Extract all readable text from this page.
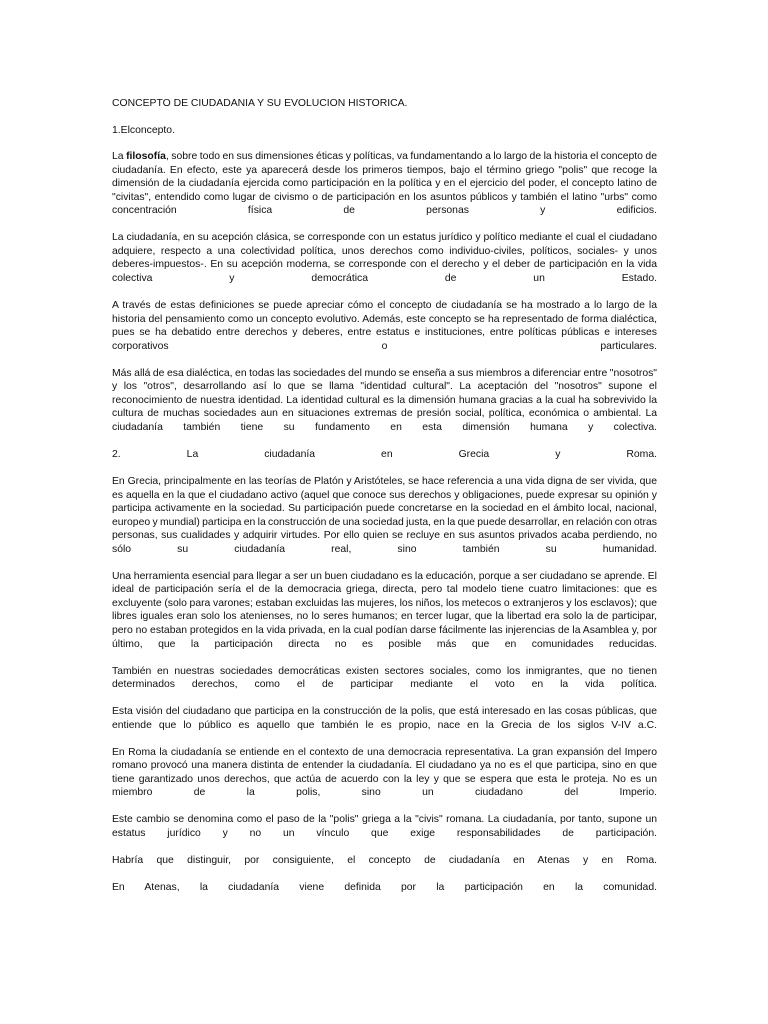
CONCEPTO DE CIUDADANIA Y SU EVOLUCION HISTORICA.
1.Elconcepto.

La filosofía, sobre todo en sus dimensiones éticas y políticas, va fundamentando a lo largo de la historia el concepto de ciudadanía. En efecto, este ya aparecerá desde los primeros tiempos, bajo el término griego "polis" que recoge la dimensión de la ciudadanía ejercida como participación en la política y en el ejercicio del poder, el concepto latino de "civitas", entendido como lugar de civismo o de participación en los asuntos públicos y también el latino "urbs" como concentración física de personas y edificios.

La ciudadanía, en su acepción clásica, se corresponde con un estatus jurídico y político mediante el cual el ciudadano adquiere, respecto a una colectividad política, unos derechos como individuo-civiles, políticos, sociales- y unos deberes-impuestos-. En su acepción moderna, se corresponde con el derecho y el deber de participación en la vida colectiva y democrática de un Estado.

A través de estas definiciones se puede apreciar cómo el concepto de ciudadanía se ha mostrado a lo largo de la historia del pensamiento como un concepto evolutivo. Además, este concepto se ha representado de forma dialéctica, pues se ha debatido entre derechos y deberes, entre estatus e instituciones, entre políticas públicas e intereses corporativos o particulares.

Más allá de esa dialéctica, en todas las sociedades del mundo se enseña a sus miembros a diferenciar entre "nosotros" y los "otros", desarrollando así lo que se llama "identidad cultural". La aceptación del "nosotros" supone el reconocimiento de nuestra identidad. La identidad cultural es la dimensión humana gracias a la cual ha sobrevivido la cultura de muchas sociedades aun en situaciones extremas de presión social, política, económica o ambiental. La ciudadanía también tiene su fundamento en esta dimensión humana y colectiva.

2. La ciudadanía en Grecia y Roma.

En Grecia, principalmente en las teorías de Platón y Aristóteles, se hace referencia a una vida digna de ser vivida, que es aquella en la que el ciudadano activo (aquel que conoce sus derechos y obligaciones, puede expresar su opinión y participa activamente en la sociedad. Su participación puede concretarse en la sociedad en el ámbito local, nacional, europeo y mundial) participa en la construcción de una sociedad justa, en la que puede desarrollar, en relación con otras personas, sus cualidades y adquirir virtudes. Por ello quien se recluye en sus asuntos privados acaba perdiendo, no sólo su ciudadanía real, sino también su humanidad.

Una herramienta esencial para llegar a ser un buen ciudadano es la educación, porque a ser ciudadano se aprende. El ideal de participación sería el de la democracia griega, directa, pero tal modelo tiene cuatro limitaciones: que es excluyente (solo para varones; estaban excluidas las mujeres, los niños, los metecos o extranjeros y los esclavos); que libres iguales eran solo los atenienses, no lo seres humanos; en tercer lugar, que la libertad era solo la de participar, pero no estaban protegidos en la vida privada, en la cual podían darse fácilmente las injerencias de la Asamblea y, por último, que la participación directa no es posible más que en comunidades reducidas.

También en nuestras sociedades democráticas existen sectores sociales, como los inmigrantes, que no tienen determinados derechos, como el de participar mediante el voto en la vida política.

Esta visión del ciudadano que participa en la construcción de la polis, que está interesado en las cosas públicas, que entiende que lo público es aquello que también le es propio, nace en la Grecia de los siglos V-IV a.C.

En Roma la ciudadanía se entiende en el contexto de una democracia representativa. La gran expansión del Impero romano provocó una manera distinta de entender la ciudadanía. El ciudadano ya no es el que participa, sino en que tiene garantizado unos derechos, que actúa de acuerdo con la ley y que se espera que esta le proteja. No es un miembro de la polis, sino un ciudadano del Imperio.

Este cambio se denomina como el paso de la "polis" griega a la "civis" romana. La ciudadanía, por tanto, supone un estatus jurídico y no un vínculo que exige responsabilidades de participación.

Habría que distinguir, por consiguiente, el concepto de ciudadanía en Atenas y en Roma.

En Atenas, la ciudadanía viene definida por la participación en la comunidad.
